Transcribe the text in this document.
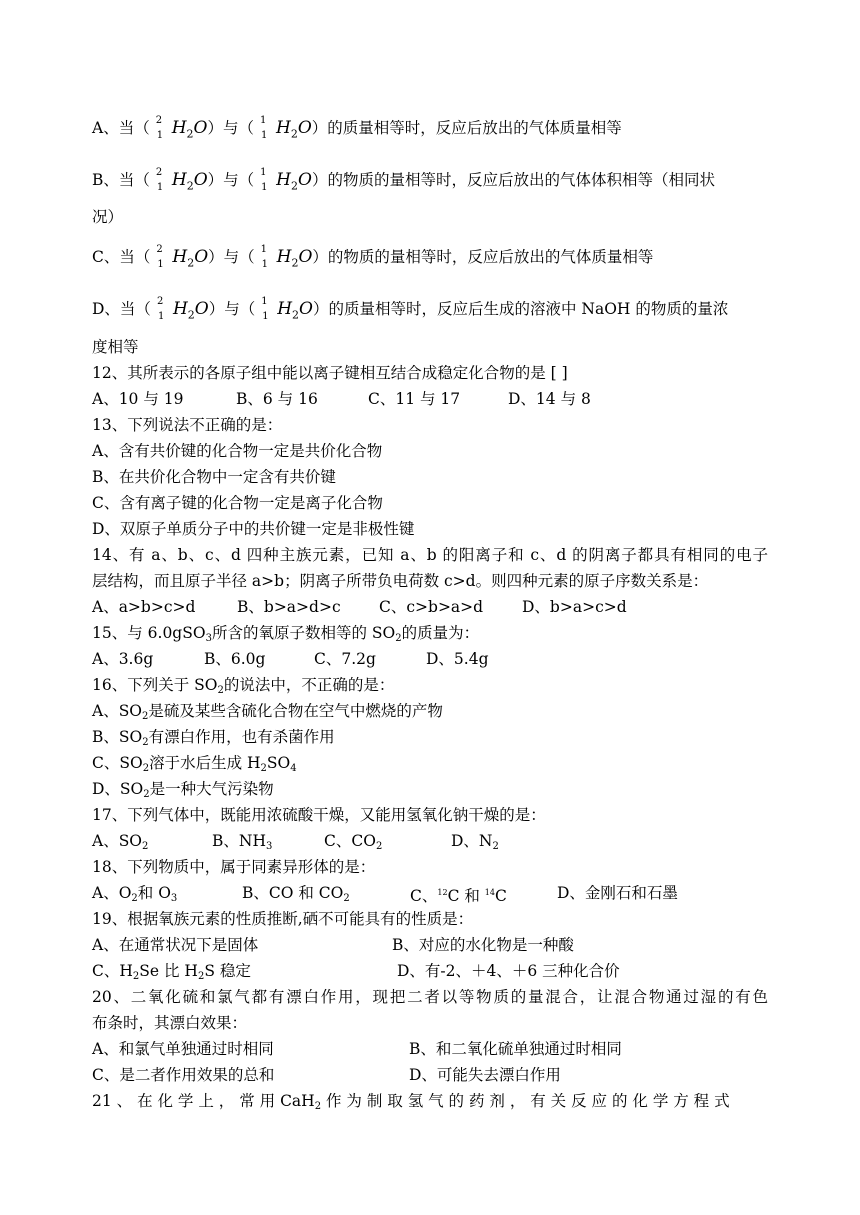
A、当（ 2
1 $H_2O$）与（ 1
1 $H_2O$）的质量相等时，反应后放出的气体质量相等
B、当（ 2
1 $H_2O$）与（ 1
1 $H_2O$）的物质的量相等时，反应后放出的气体体积相等（相同状
况）
C、当（ 2
1 $H_2O$）与（ 1
1 $H_2O$）的物质的量相等时，反应后放出的气体质量相等
D、当（ 2
1 $H_2O$）与（ 1
1 $H_2O$）的质量相等时，反应后生成的溶液中 NaOH 的物质的量浓
度相等
12、其所表示的各原子组中能以离子键相互结合成稳定化合物的是 [ ]
A、10 与 19	B、6 与 16	C、11 与 17	D、14 与 8
13、下列说法不正确的是：
A、含有共价键的化合物一定是共价化合物
B、在共价化合物中一定含有共价键
C、含有离子键的化合物一定是离子化合物
D、双原子单质分子中的共价键一定是非极性键
14、有 a、b、c、d 四种主族元素，已知 a、b 的阳离子和 c、d 的阴离子都具有相同的电子
层结构，而且原子半径 a>b；阴离子所带负电荷数 c>d。则四种元素的原子序数关系是：
A、a>b>c>d	B、b>a>d>c C、c>b>a>d	D、b>a>c>d
15、与 6.0gSO$_3$所含的氧原子数相等的 $SO_2$的质量为：
A、3.6g	B、6.0g	C、7.2g	D、5.4g
16、下列关于 $SO_2$的说法中，不正确的是：
A、$SO_2$是硫及某些含硫化合物在空气中燃烧的产物
B、$SO_2$有漂白作用，也有杀菌作用
C、$SO_2$溶于水后生成 $H_2SO_4$
D、$SO_2$是一种大气污染物
17、下列气体中，既能用浓硫酸干燥，又能用氢氧化钠干燥的是：
A、$SO_2$	B、$NH_3$	C、$CO_2$	D、$N_2$
18、下列物质中，属于同素异形体的是：
A、$O_2$和 $O_3$	B、CO 和 $CO_2$	C、$^{12}$C 和 $^{14}$C	D、金刚石和石墨
19、根据氧族元素的性质推断,硒不可能具有的性质是：
A、在通常状况下是固体	B、对应的水化物是一种酸
C、$H_2Se$ 比 $H_2S$ 稳定	D、有-2、＋4、＋6 三种化合价
20、二氧化硫和氯气都有漂白作用，现把二者以等物质的量混合，让混合物通过湿的有色
布条时，其漂白效果：
A、和氯气单独通过时相同	B、和二氧化硫单独通过时相同
C、是二者作用效果的总和	D、可能失去漂白作用
21 、 在 化 学 上 ， 常 用 CaH$_2$ 作 为 制 取 氢 气 的 药 剂 ， 有 关 反 应 的 化 学 方 程 式
